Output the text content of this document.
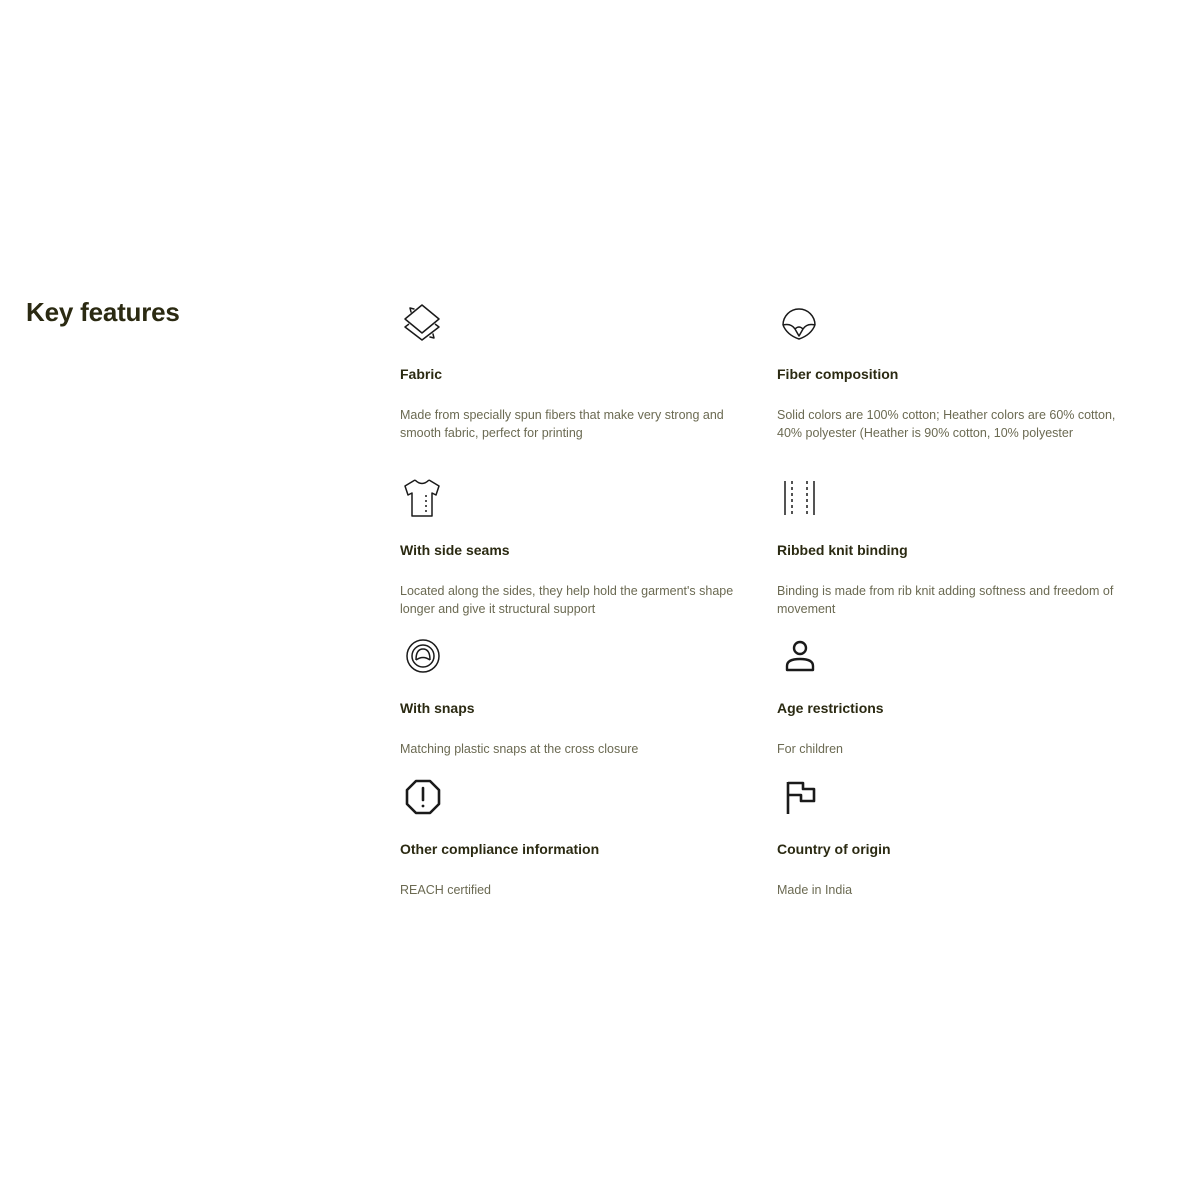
Key features
Fabric
Made from specially spun fibers that make very strong and smooth fabric, perfect for printing
Fiber composition
Solid colors are 100% cotton; Heather colors are 60% cotton, 40% polyester (Heather is 90% cotton, 10% polyester
With side seams
Located along the sides, they help hold the garment's shape longer and give it structural support
Ribbed knit binding
Binding is made from rib knit adding softness and freedom of movement
With snaps
Matching plastic snaps at the cross closure
Age restrictions
For children
Other compliance information
REACH certified
Country of origin
Made in India
